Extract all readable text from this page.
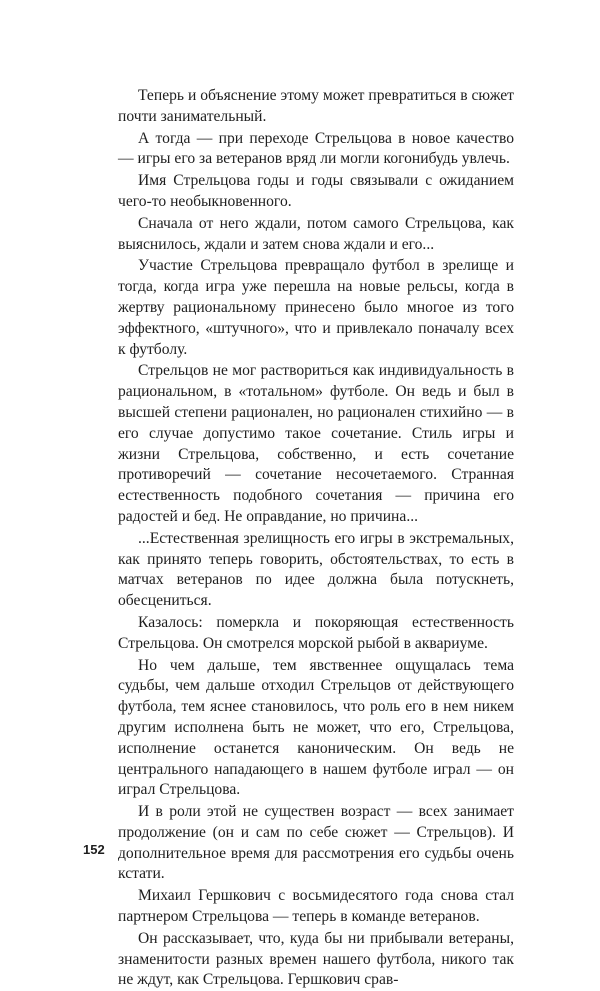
Теперь и объяснение этому может превратиться в сюжет почти занимательный.

А тогда — при переходе Стрельцова в новое качество — игры его за ветеранов вряд ли могли когонибудь увлечь.

Имя Стрельцова годы и годы связывали с ожиданием чего-то необыкновенного.

Сначала от него ждали, потом самого Стрельцова, как выяснилось, ждали и затем снова ждали и его...

Участие Стрельцова превращало футбол в зрелище и тогда, когда игра уже перешла на новые рельсы, когда в жертву рациональному принесено было многое из того эффектного, «штучного», что и привлекало поначалу всех к футболу.

Стрельцов не мог раствориться как индивидуальность в рациональном, в «тотальном» футболе. Он ведь и был в высшей степени рационален, но рационален стихийно — в его случае допустимо такое сочетание. Стиль игры и жизни Стрельцова, собственно, и есть сочетание противоречий — сочетание несочетаемого. Странная естественность подобного сочетания — причина его радостей и бед. Не оправдание, но причина...

...Естественная зрелищность его игры в экстремальных, как принято теперь говорить, обстоятельствах, то есть в матчах ветеранов по идее должна была потускнеть, обесцениться.

Казалось: померкла и покоряющая естественность Стрельцова. Он смотрелся морской рыбой в аквариуме.

Но чем дальше, тем явственнее ощущалась тема судьбы, чем дальше отходил Стрельцов от действующего футбола, тем яснее становилось, что роль его в нем никем другим исполнена быть не может, что его, Стрельцова, исполнение останется каноническим. Он ведь не центрального нападающего в нашем футболе играл — он играл Стрельцова.

И в роли этой не существен возраст — всех занимает продолжение (он и сам по себе сюжет — Стрельцов). И дополнительное время для рассмотрения его судьбы очень кстати.

Михаил Гершкович с восьмидесятого года снова стал партнером Стрельцова — теперь в команде ветеранов.

Он рассказывает, что, куда бы ни прибывали ветераны, знаменитости разных времен нашего футбола, никого так не ждут, как Стрельцова. Гершкович срав-

152
